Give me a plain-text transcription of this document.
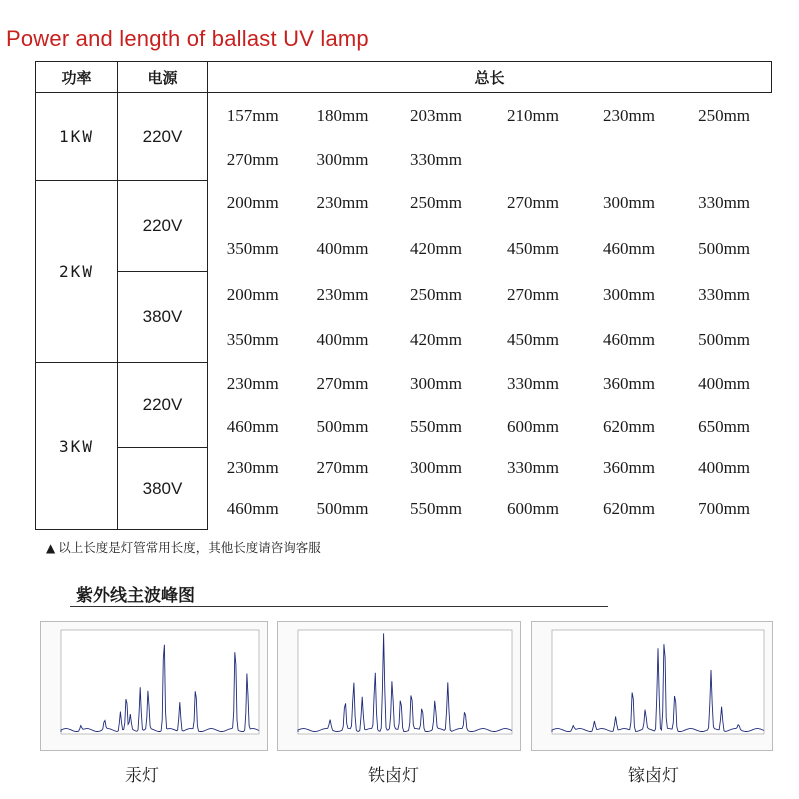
Power and length of ballast UV lamp
功率	电源	总长					
1KW	220V	157mm	180mm	203mm	210mm	230mm	250mm
		270mm	300mm	330mm			
2KW	220V	200mm	230mm	250mm	270mm	300mm	330mm
		350mm	400mm	420mm	450mm	460mm	500mm
	380V	200mm	230mm	250mm	270mm	300mm	330mm
		350mm	400mm	420mm	450mm	460mm	500mm
3KW	220V	230mm	270mm	300mm	330mm	360mm	400mm
		460mm	500mm	550mm	600mm	620mm	650mm
	380V	230mm	270mm	300mm	330mm	360mm	400mm
		460mm	500mm	550mm	600mm	620mm	700mm
▲ 以上长度是灯管常用长度，其他长度请咨询客服
紫外线主波峰图
汞灯	铁卤灯	镓卤灯
